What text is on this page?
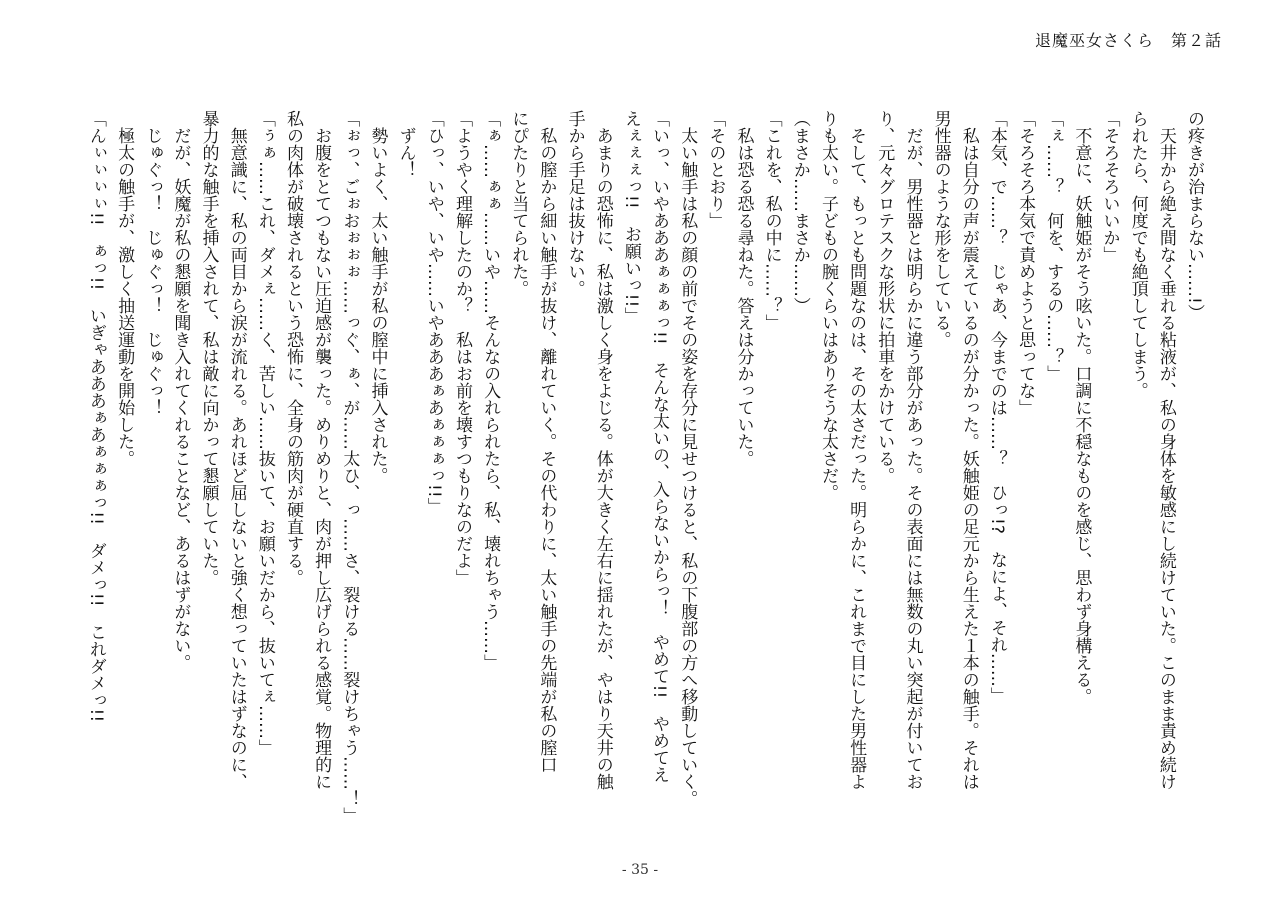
退魔巫女さくら　第２話
の疼きが治まらない……!）
　天井から絶え間なく垂れる粘液が、私の身体を敏感にし続けていた。このまま責め続け
られたら、何度でも絶頂してしまう。
「そろそろいいか」
　不意に、妖触姫がそう呟いた。口調に不穏なものを感じ、思わず身構える。
「ぇ……？　何を、するの……？」
「そろそろ本気で責めようと思ってな」
「本気、で……？　じゃあ、今までのは……？　ひっ!?　なによ、それ……」
　私は自分の声が震えているのが分かった。妖触姫の足元から生えた１本の触手。それは
男性器のような形をしている。
　だが、男性器とは明らかに違う部分があった。その表面には無数の丸い突起が付いてお
り、元々グロテスクな形状に拍車をかけている。
　そして、もっとも問題なのは、その太さだった。明らかに、これまで目にした男性器よ
りも太い。子どもの腕くらいはありそうな太さだ。
（まさか……まさか……）
「これを、私の中に……？」
　私は恐る恐る尋ねた。答えは分かっていた。
「そのとおり」
　太い触手は私の顔の前でその姿を存分に見せつけると、私の下腹部の方へ移動していく。
「いっ、いやあああぁぁぁっ!!　そんな太いの、入らないからっ！　やめて!!　やめてえ
えぇぇぇっ!!　お願いっ!!」
　あまりの恐怖に、私は激しく身をよじる。体が大きく左右に揺れたが、やはり天井の触
手から手足は抜けない。
　私の膣から細い触手が抜け、離れていく。その代わりに、太い触手の先端が私の膣口
にぴたりと当てられた。
「ぁ……ぁぁ……いや……そんなの入れられたら、私、壊れちゃう……」
「ようやく理解したのか？　私はお前を壊すつもりなのだよ」
「ひっ、いや、いや……いやあああぁあぁぁぁっ!!」
　ずん！
　勢いよく、太い触手が私の膣中に挿入された。
「ぉっ、ごぉおぉぉぉ……っぐ、ぁ、が……太ひ、っ……さ、裂ける……裂けちゃう……！」
　お腹をとてつもない圧迫感が襲った。めりめりと、肉が押し広げられる感覚。物理的に
私の肉体が破壊されるという恐怖に、全身の筋肉が硬直する。
「ぅぁ……これ、ダメぇ……く、苦しい……抜いて、お願いだから、抜いてぇ……」
　無意識に、私の両目から涙が流れる。あれほど屈しないと強く想っていたはずなのに、
暴力的な触手を挿入されて、私は敵に向かって懇願していた。
　だが、妖魔が私の懇願を聞き入れてくれることなど、あるはずがない。
　じゅぐっ！　じゅぐっ！　じゅぐっ！
　極太の触手が、激しく抽送運動を開始した。
「んぃぃぃぃ!!　ぁっ!!　いぎゃあああぁあぁぁぁっ!!　ダメっ!!　これダメっ!!
- 35 -
